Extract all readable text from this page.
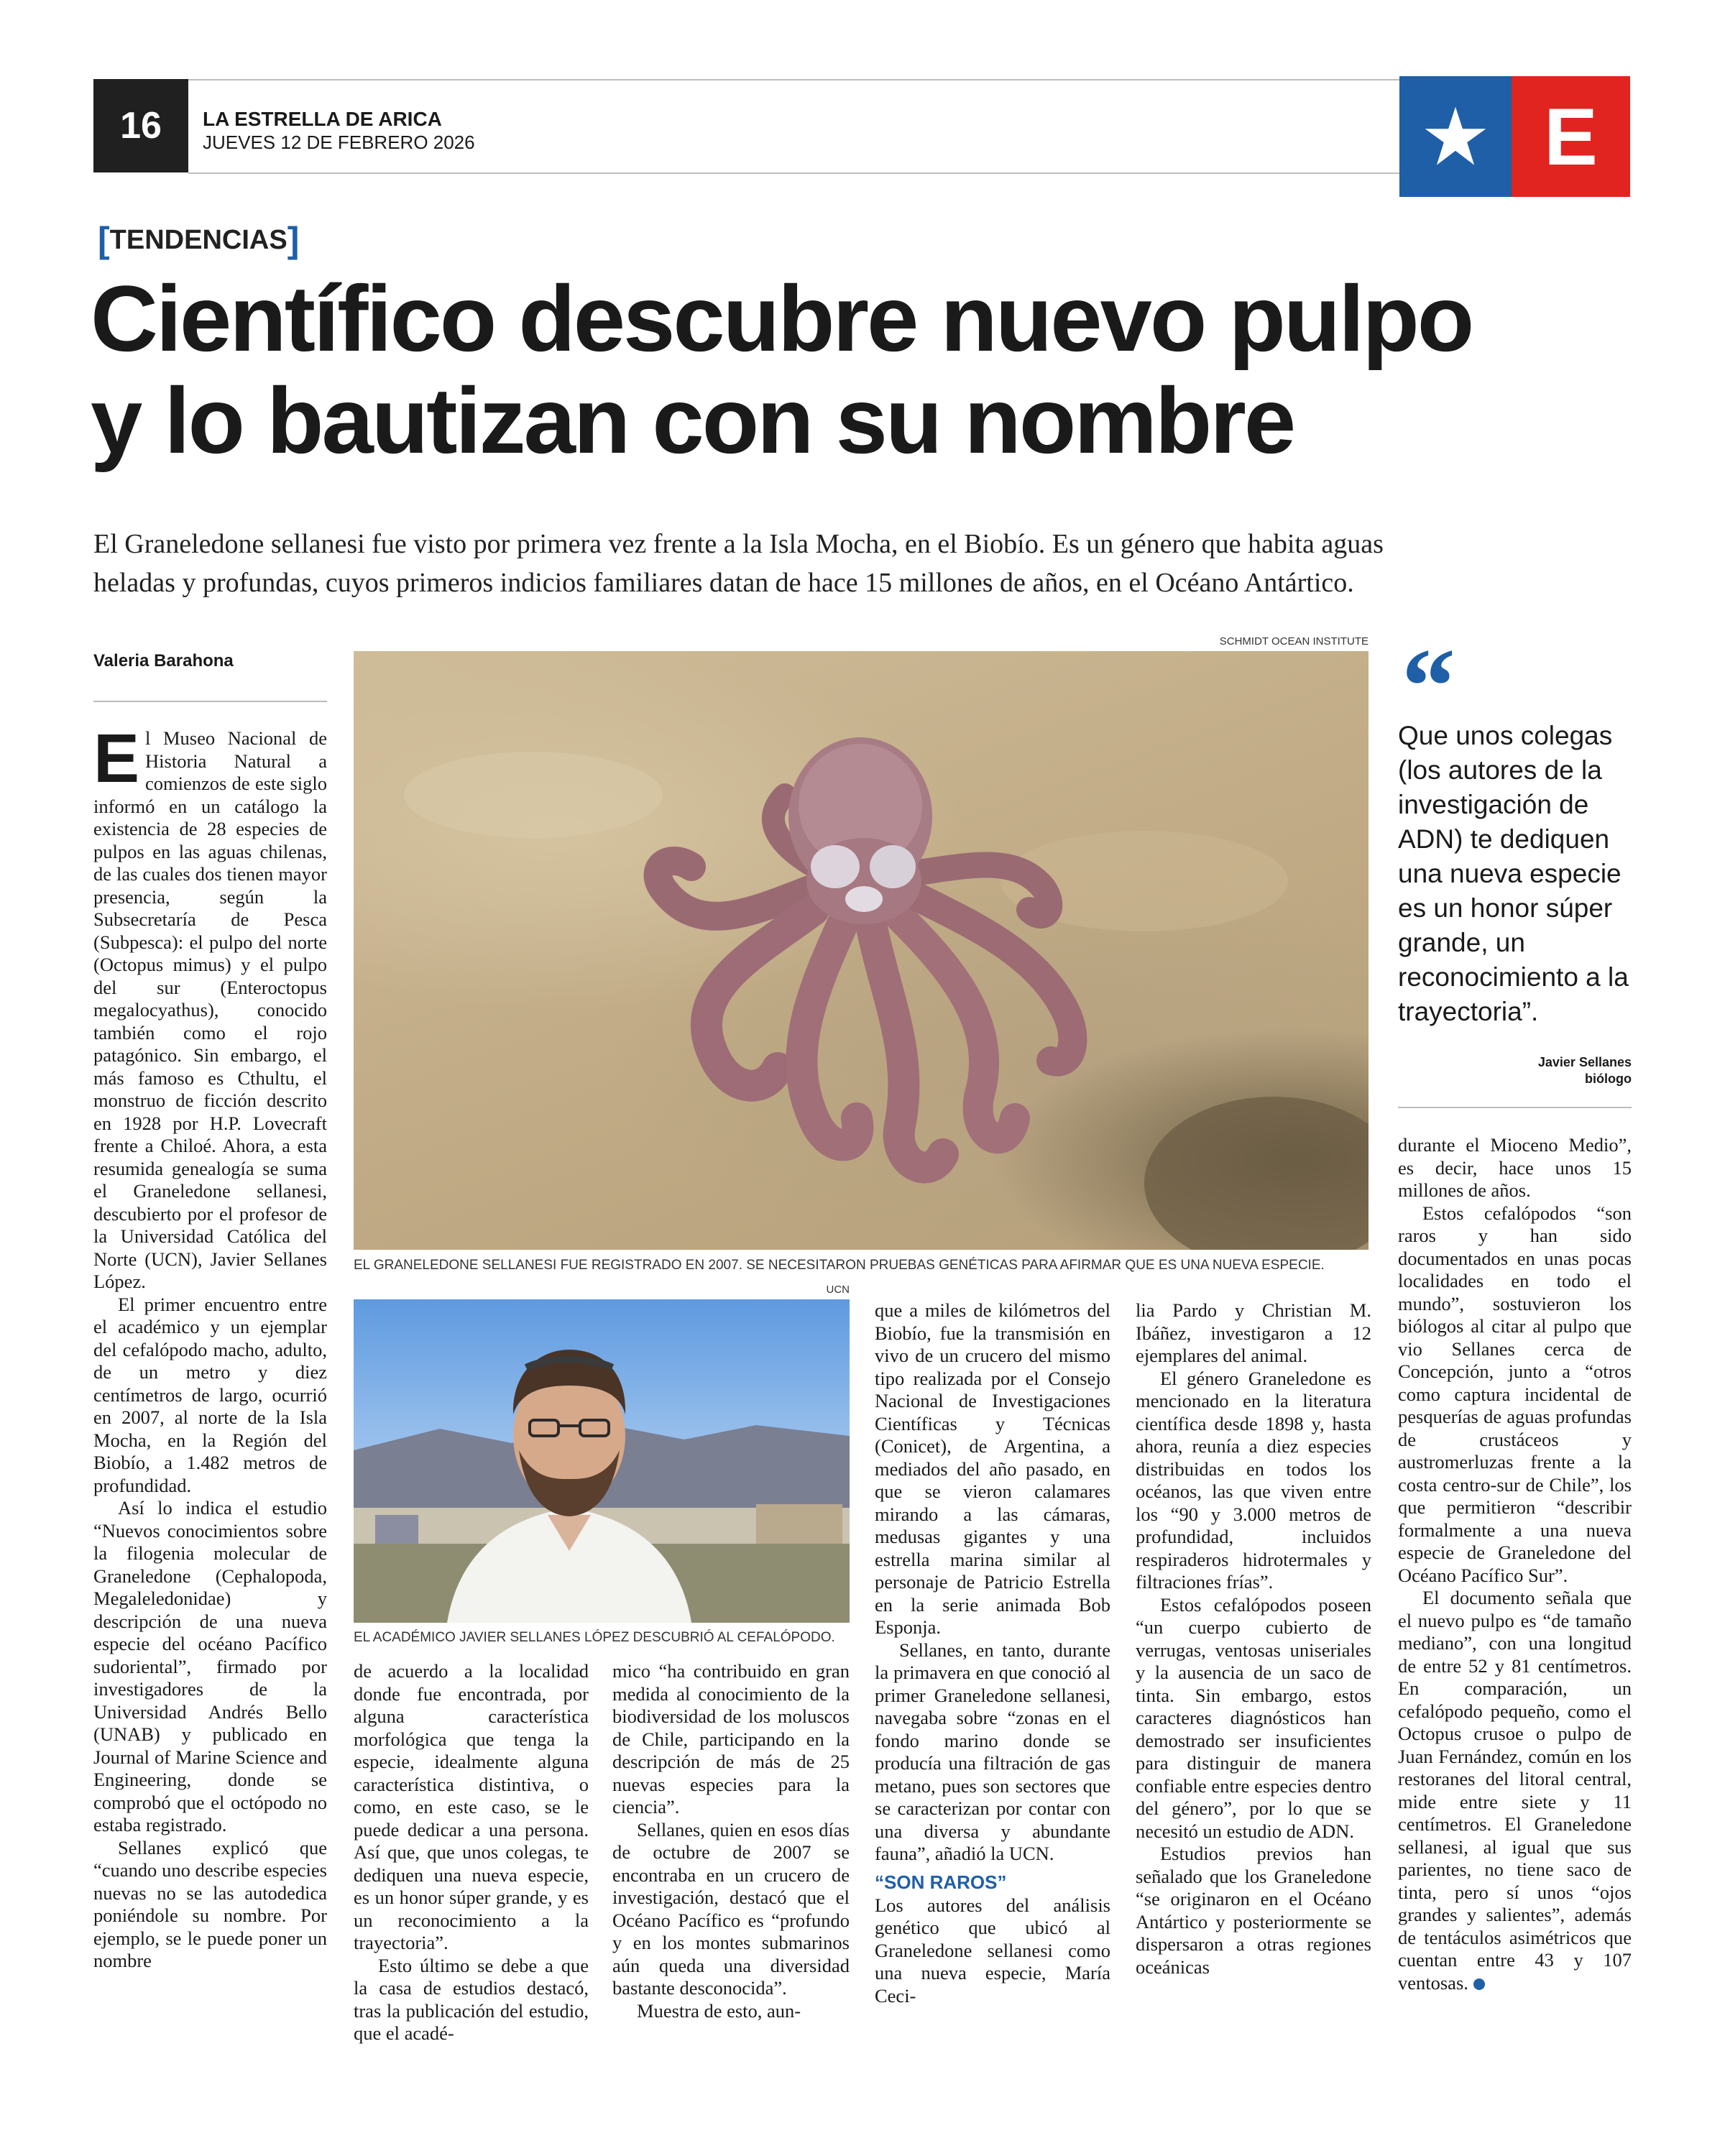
16	LA ESTRELLA DE ARICA
JUEVES 12 DE FEBRERO 2026	E
[ TENDENCIAS ]
Científico descubre nuevo pulpo
y lo bautizan con su nombre
El Graneledone sellanesi fue visto por primera vez frente a la Isla Mocha, en el Biobío. Es un género que habita aguas
heladas y profundas, cuyos primeros indicios familiares datan de hace 15 millones de años, en el Océano Antártico.
Valeria Barahona

El Museo Nacional de Historia Natural a comienzos de este siglo informó en un catálogo la existencia de 28 especies de pulpos en las aguas chilenas, de las cuales dos tienen mayor presencia, según la Subsecretaría de Pesca (Subpesca): el pulpo del norte (Octopus mimus) y el pulpo del sur (Enteroctopus megalocyathus), conocido también como el rojo patagónico. Sin embargo, el más famoso es Cthultu, el monstruo de ficción descrito en 1928 por H.P. Lovecraft frente a Chiloé. Ahora, a esta resumida genealogía se suma el Graneledone sellanesi, descubierto por el profesor de la Universidad Católica del Norte (UCN), Javier Sellanes López.

El primer encuentro entre el académico y un ejemplar del cefalópodo macho, adulto, de un metro y diez centímetros de largo, ocurrió en 2007, al norte de la Isla Mocha, en la Región del Biobío, a 1.482 metros de profundidad.

Así lo indica el estudio “Nuevos conocimientos sobre la filogenia molecular de Graneledone (Cephalopoda, Megaleledonidae) y descripción de una nueva especie del océano Pacífico sudoriental”, firmado por investigadores de la Universidad Andrés Bello (UNAB) y publicado en Journal of Marine Science and Engineering, donde se comprobó que el octópodo no estaba registrado.

Sellanes explicó que “cuando uno describe especies nuevas no se las autodedica poniéndole su nombre. Por ejemplo, se le puede poner un nombre

SCHMIDT OCEAN INSTITUTE
EL GRANELEDONE SELLANESI FUE REGISTRADO EN 2007. SE NECESITARON PRUEBAS GENÉTICAS PARA AFIRMAR QUE ES UNA NUEVA ESPECIE.
UCN
EL ACADÉMICO JAVIER SELLANES LÓPEZ DESCUBRIÓ AL CEFALÓPODO.

de acuerdo a la localidad donde fue encontrada, por alguna característica morfológica que tenga la especie, idealmente alguna característica distintiva, o como, en este caso, se le puede dedicar a una persona. Así que, que unos colegas, te dediquen una nueva especie, es un honor súper grande, y es un reconocimiento a la trayectoria”.

Esto último se debe a que la casa de estudios destacó, tras la publicación del estudio, que el acadé-

mico “ha contribuido en gran medida al conocimiento de la biodiversidad de los moluscos de Chile, participando en la descripción de más de 25 nuevas especies para la ciencia”.

Sellanes, quien en esos días de octubre de 2007 se encontraba en un crucero de investigación, destacó que el Océano Pacífico es “profundo y en los montes submarinos aún queda una diversidad bastante desconocida”.

Muestra de esto, aun-

que a miles de kilómetros del Biobío, fue la transmisión en vivo de un crucero del mismo tipo realizada por el Consejo Nacional de Investigaciones Científicas y Técnicas (Conicet), de Argentina, a mediados del año pasado, en que se vieron calamares mirando a las cámaras, medusas gigantes y una estrella marina similar al personaje de Patricio Estrella en la serie animada Bob Esponja.

Sellanes, en tanto, durante la primavera en que conoció al primer Graneledone sellanesi, navegaba sobre “zonas en el fondo marino donde se producía una filtración de gas metano, pues son sectores que se caracterizan por contar con una diversa y abundante fauna”, añadió la UCN.

“SON RAROS”

Los autores del análisis genético que ubicó al Graneledone sellanesi como una nueva especie, María Ceci-

lia Pardo y Christian M. Ibáñez, investigaron a 12 ejemplares del animal.

El género Graneledone es mencionado en la literatura científica desde 1898 y, hasta ahora, reunía a diez especies distribuidas en todos los océanos, las que viven entre los “90 y 3.000 metros de profundidad, incluidos respiraderos hidrotermales y filtraciones frías”.

Estos cefalópodos poseen “un cuerpo cubierto de verrugas, ventosas uniseriales y la ausencia de un saco de tinta. Sin embargo, estos caracteres diagnósticos han demostrado ser insuficientes para distinguir de manera confiable entre especies dentro del género”, por lo que se necesitó un estudio de ADN.

Estudios previos han señalado que los Graneledone “se originaron en el Océano Antártico y posteriormente se dispersaron a otras regiones oceánicas

“
Que unos colegas (los autores de la investigación de ADN) te dediquen una nueva especie es un honor súper grande, un reconocimiento a la trayectoria”.
Javier Sellanes
biólogo

durante el Mioceno Medio”, es decir, hace unos 15 millones de años.

Estos cefalópodos “son raros y han sido documentados en unas pocas localidades en todo el mundo”, sostuvieron los biólogos al citar al pulpo que vio Sellanes cerca de Concepción, junto a “otros como captura incidental de pesquerías de aguas profundas de crustáceos y austromerluzas frente a la costa centro-sur de Chile”, los que permitieron “describir formalmente a una nueva especie de Graneledone del Océano Pacífico Sur”.

El documento señala que el nuevo pulpo es “de tamaño mediano”, con una longitud de entre 52 y 81 centímetros. En comparación, un cefalópodo pequeño, como el Octopus crusoe o pulpo de Juan Fernández, común en los restoranes del litoral central, mide entre siete y 11 centímetros. El Graneledone sellanesi, al igual que sus parientes, no tiene saco de tinta, pero sí unos “ojos grandes y salientes”, además de tentáculos asimétricos que cuentan entre 43 y 107 ventosas.
